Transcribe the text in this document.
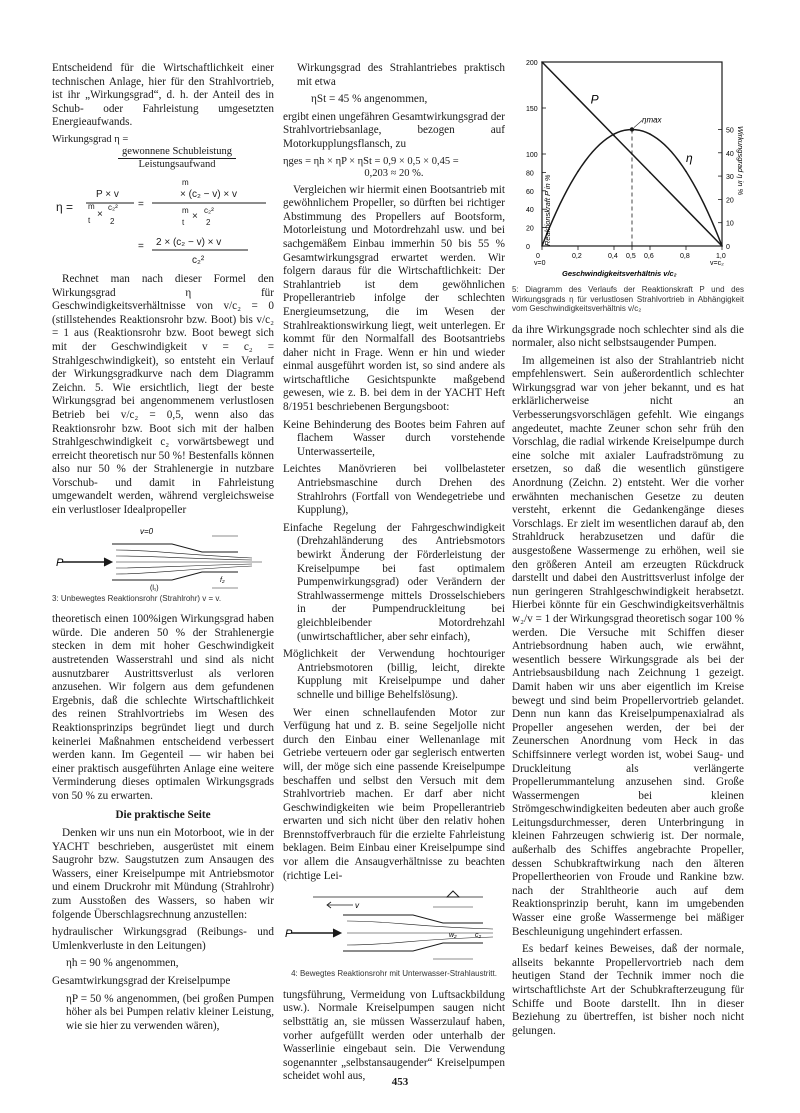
Entscheidend für die Wirtschaftlichkeit einer technischen Anlage, hier für den Strahlvortrieb, ist ihr „Wirkungsgrad“, d. h. der Anteil des in Schub- oder Fahrleistung umgesetzten Energieaufwands.

Wirkungsgrad η =
gewonnene Schubleistung
Leistungsaufwand
η =
P × v
m
×
c₂²
t 2
=
m
× (c₂ − v) × v
m
×
c₂²
t	2
= 2 × (c₂ − v) × v
c₂²

Rechnet man nach dieser Formel den Wirkungsgrad η für Geschwindigkeitsverhältnisse von v/c₂ = 0 (stillstehendes Reaktionsrohr bzw. Boot) bis v/c₂ = 1 aus (Reaktionsrohr bzw. Boot bewegt sich mit der Geschwindigkeit v = c₂ = Strahlgeschwindigkeit), so entsteht ein Verlauf der Wirkungsgradkurve nach dem Diagramm Zeichn. 5. Wie ersichtlich, liegt der beste Wirkungsgrad bei angenommenem verlustlosen Betrieb bei v/c₂ = 0,5, wenn also das Reaktionsrohr bzw. Boot sich mit der halben Strahlgeschwindigkeit c₂ vorwärtsbewegt und erreicht theoretisch nur 50 %! Bestenfalls können also nur 50 % der Strahlenergie in nutzbare Vorschub- und damit in Fahrleistung umgewandelt werden, während vergleichsweise ein verlustloser Idealpropeller

v=0
P
(l₁)
f₂
3: Unbewegtes Reaktionsrohr (Strahlrohr) v = v.

theoretisch einen 100%igen Wirkungsgrad haben würde. Die anderen 50 % der Strahlenergie stecken in dem mit hoher Geschwindigkeit austretenden Wasserstrahl und sind als nicht ausnutzbarer Austrittsverlust als verloren anzusehen. Wir folgern aus dem gefundenen Ergebnis, daß die schlechte Wirtschaftlichkeit des reinen Strahlvortriebs im Wesen des Reaktionsprinzips begründet liegt und durch keinerlei Maßnahmen entscheidend verbessert werden kann. Im Gegenteil — wir haben bei einer praktisch ausgeführten Anlage eine weitere Verminderung dieses optimalen Wirkungsgrads von 50 % zu erwarten.

Die praktische Seite

Denken wir uns nun ein Motorboot, wie in der YACHT beschrieben, ausgerüstet mit einem Saugrohr bzw. Saugstutzen zum Ansaugen des Wassers, einer Kreiselpumpe mit Antriebsmotor und einem Druckrohr mit Mündung (Strahlrohr) zum Ausstoßen des Wassers, so haben wir folgende Überschlagsrechnung anzustellen:

hydraulischer Wirkungsgrad (Reibungs- und Umlenkverluste in den Leitungen)

ηh = 90 % angenommen,

Gesamtwirkungsgrad der Kreiselpumpe

ηP = 50 % angenommen, (bei großen Pumpen höher als bei Pumpen relativ kleiner Leistung, wie sie hier zu verwenden wären),

Wirkungsgrad des Strahlantriebes praktisch mit etwa

ηSt = 45 % angenommen,

ergibt einen ungefähren Gesamtwirkungsgrad der Strahlvortriebsanlage, bezogen auf Motorkupplungsflansch, zu

ηges = ηh × ηP × ηSt = 0,9 × 0,5 × 0,45 =

0,203 ≈ 20 %.

Vergleichen wir hiermit einen Bootsantrieb mit gewöhnlichem Propeller, so dürften bei richtiger Abstimmung des Propellers auf Bootsform, Motorleistung und Motordrehzahl usw. und bei sachgemäßem Einbau immerhin 50 bis 55 % Gesamtwirkungsgrad erwartet werden. Wir folgern daraus für die Wirtschaftlichkeit: Der Strahlantrieb ist dem gewöhnlichen Propellerantrieb infolge der schlechten Energieumsetzung, die im Wesen der Strahlreaktionswirkung liegt, weit unterlegen. Er kommt für den Normalfall des Bootsantriebs daher nicht in Frage. Wenn er hin und wieder einmal ausgeführt worden ist, so sind andere als wirtschaftliche Gesichtspunkte maßgebend gewesen, wie z. B. bei dem in der YACHT Heft 8/1951 beschriebenen Bergungsboot:

Keine Behinderung des Bootes beim Fahren auf flachem Wasser durch vorstehende Unterwasserteile,

Leichtes Manövrieren bei vollbelasteter Antriebsmaschine durch Drehen des Strahlrohrs (Fortfall von Wendegetriebe und Kupplung),

Einfache Regelung der Fahrgeschwindigkeit (Drehzahländerung des Antriebsmotors bewirkt Änderung der Förderleistung der Kreiselpumpe bei fast optimalem Pumpenwirkungsgrad) oder Verändern der Strahlwassermenge mittels Drosselschiebers in der Pumpendruckleitung bei gleichbleibender Motordrehzahl (unwirtschaftlicher, aber sehr einfach),

Möglichkeit der Verwendung hochtouriger Antriebsmotoren (billig, leicht, direkte Kupplung mit Kreiselpumpe und daher schnelle und billige Behelfslösung).

Wer einen schnellaufenden Motor zur Verfügung hat und z. B. seine Segeljolle nicht durch den Einbau einer Wellenanlage mit Getriebe verteuern oder gar seglerisch entwerten will, der möge sich eine passende Kreiselpumpe beschaffen und selbst den Versuch mit dem Strahlvortrieb machen. Er darf aber nicht Geschwindigkeiten wie beim Propellerantrieb erwarten und sich nicht über den relativ hohen Brennstoffverbrauch für die erzielte Fahrleistung beklagen. Beim Einbau einer Kreiselpumpe sind vor allem die Ansaugverhältnisse zu beachten (richtige Lei-

v
P	w₂	c₂
4: Bewegtes Reaktionsrohr mit Unterwasser-Strahlaustritt.

tungsführung, Vermeidung von Luftsackbildung usw.). Normale Kreiselpumpen saugen nicht selbsttätig an, sie müssen Wasserzulauf haben, vorher aufgefüllt werden oder unterhalb der Wasserlinie eingebaut sein. Die Verwendung sogenannter „selbstansaugender“ Kreiselpumpen scheidet wohl aus,

0	0,2	0,4 0,5 0,6	0,8	1,0
0
20
40
60
80
100
150
200
0
10
20
30
40
50
P
η
ηmax
Reaktionskraft P in %
Wirkungsgrad η in %
Geschwindigkeitsverhältnis v/c₂
v=0	v=c₂
5: Diagramm des Verlaufs der Reaktionskraft P und des Wirkungsgrads η für verlustlosen Strahlvortrieb in Abhängigkeit vom Geschwindigkeitsverhältnis v/c₂

da ihre Wirkungsgrade noch schlechter sind als die normaler, also nicht selbstsaugender Pumpen.

Im allgemeinen ist also der Strahlantrieb nicht empfehlenswert. Sein außerordentlich schlechter Wirkungsgrad war von jeher bekannt, und es hat erklärlicherweise nicht an Verbesserungsvorschlägen gefehlt. Wie eingangs angedeutet, machte Zeuner schon sehr früh den Vorschlag, die radial wirkende Kreiselpumpe durch eine solche mit axialer Laufradströmung zu ersetzen, so daß die wesentlich günstigere Anordnung (Zeichn. 2) entsteht. Wer die vorher erwähnten mechanischen Gesetze zu deuten versteht, erkennt die Gedankengänge dieses Vorschlags. Er zielt im wesentlichen darauf ab, den Strahldruck herabzusetzen und dafür die ausgestoßene Wassermenge zu erhöhen, weil sie den größeren Anteil am erzeugten Rückdruck darstellt und dabei den Austrittsverlust infolge der nun geringeren Strahlgeschwindigkeit herabsetzt. Hierbei könnte für ein Geschwindigkeitsverhältnis w₂/v = 1 der Wirkungsgrad theoretisch sogar 100 % werden. Die Versuche mit Schiffen dieser Antriebsordnung haben auch, wie erwähnt, wesentlich bessere Wirkungsgrade als bei der Antriebsausbildung nach Zeichnung 1 gezeigt. Damit haben wir uns aber eigentlich im Kreise bewegt und sind beim Propellervortrieb gelandet. Denn nun kann das Kreiselpumpenaxialrad als Propeller angesehen werden, der bei der Zeunerschen Anordnung vom Heck in das Schiffsinnere verlegt worden ist, wobei Saug- und Druckleitung als verlängerte Propellerummantelung anzusehen sind. Große Wassermengen bei kleinen Strömgeschwindigkeiten bedeuten aber auch große Leitungsdurchmesser, deren Unterbringung in kleinen Fahrzeugen schwierig ist. Der normale, außerhalb des Schiffes angebrachte Propeller, dessen Schubkraftwirkung nach den älteren Propellertheorien von Froude und Rankine bzw. nach der Strahltheorie auch auf dem Reaktionsprinzip beruht, kann im umgebenden Wasser eine große Wassermenge bei mäßiger Beschleunigung ungehindert erfassen.

Es bedarf keines Beweises, daß der normale, allseits bekannte Propellervortrieb nach dem heutigen Stand der Technik immer noch die wirtschaftlichste Art der Schubkrafterzeugung für Schiffe und Boote darstellt. Ihn in dieser Beziehung zu übertreffen, ist bisher noch nicht gelungen.

453
